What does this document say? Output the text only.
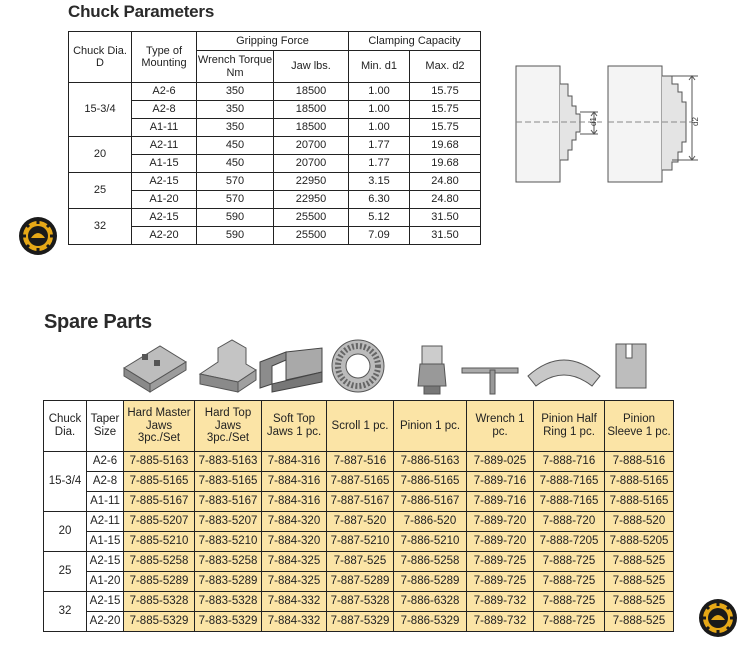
Chuck Parameters
Chuck Dia. D	Type of Mounting	Gripping Force		Clamping Capacity	
		Wrench Torque Nm	Jaw lbs.	Min. d1	Max. d2
15-3/4	A2-6	350	18500	1.00	15.75
	A2-8	350	18500	1.00	15.75
	A1-11	350	18500	1.00	15.75
20	A2-11	450	20700	1.77	19.68
	A1-15	450	20700	1.77	19.68
25	A2-15	570	22950	3.15	24.80
	A1-20	570	22950	6.30	24.80
32	A2-15	590	25500	5.12	31.50
	A2-20	590	25500	7.09	31.50
d1	d2
Spare Parts
Chuck Dia.	Taper Size	Hard Master Jaws 3pc./Set	Hard Top Jaws 3pc./Set	Soft Top Jaws 1 pc.	Scroll 1 pc.	Pinion 1 pc.	Wrench 1 pc.	Pinion Half Ring 1 pc.	Pinion Sleeve 1 pc.
15-3/4	A2-6	7-885-5163	7-883-5163	7-884-316	7-887-516	7-886-5163	7-889-025	7-888-716	7-888-516
	A2-8	7-885-5165	7-883-5165	7-884-316	7-887-5165	7-886-5165	7-889-716	7-888-7165	7-888-5165
	A1-11	7-885-5167	7-883-5167	7-884-316	7-887-5167	7-886-5167	7-889-716	7-888-7165	7-888-5165
20	A2-11	7-885-5207	7-883-5207	7-884-320	7-887-520	7-886-520	7-889-720	7-888-720	7-888-520
	A1-15	7-885-5210	7-883-5210	7-884-320	7-887-5210	7-886-5210	7-889-720	7-888-7205	7-888-5205
25	A2-15	7-885-5258	7-883-5258	7-884-325	7-887-525	7-886-5258	7-889-725	7-888-725	7-888-525
	A1-20	7-885-5289	7-883-5289	7-884-325	7-887-5289	7-886-5289	7-889-725	7-888-725	7-888-525
32	A2-15	7-885-5328	7-883-5328	7-884-332	7-887-5328	7-886-6328	7-889-732	7-888-725	7-888-525
	A2-20	7-885-5329	7-883-5329	7-884-332	7-887-5329	7-886-5329	7-889-732	7-888-725	7-888-525
